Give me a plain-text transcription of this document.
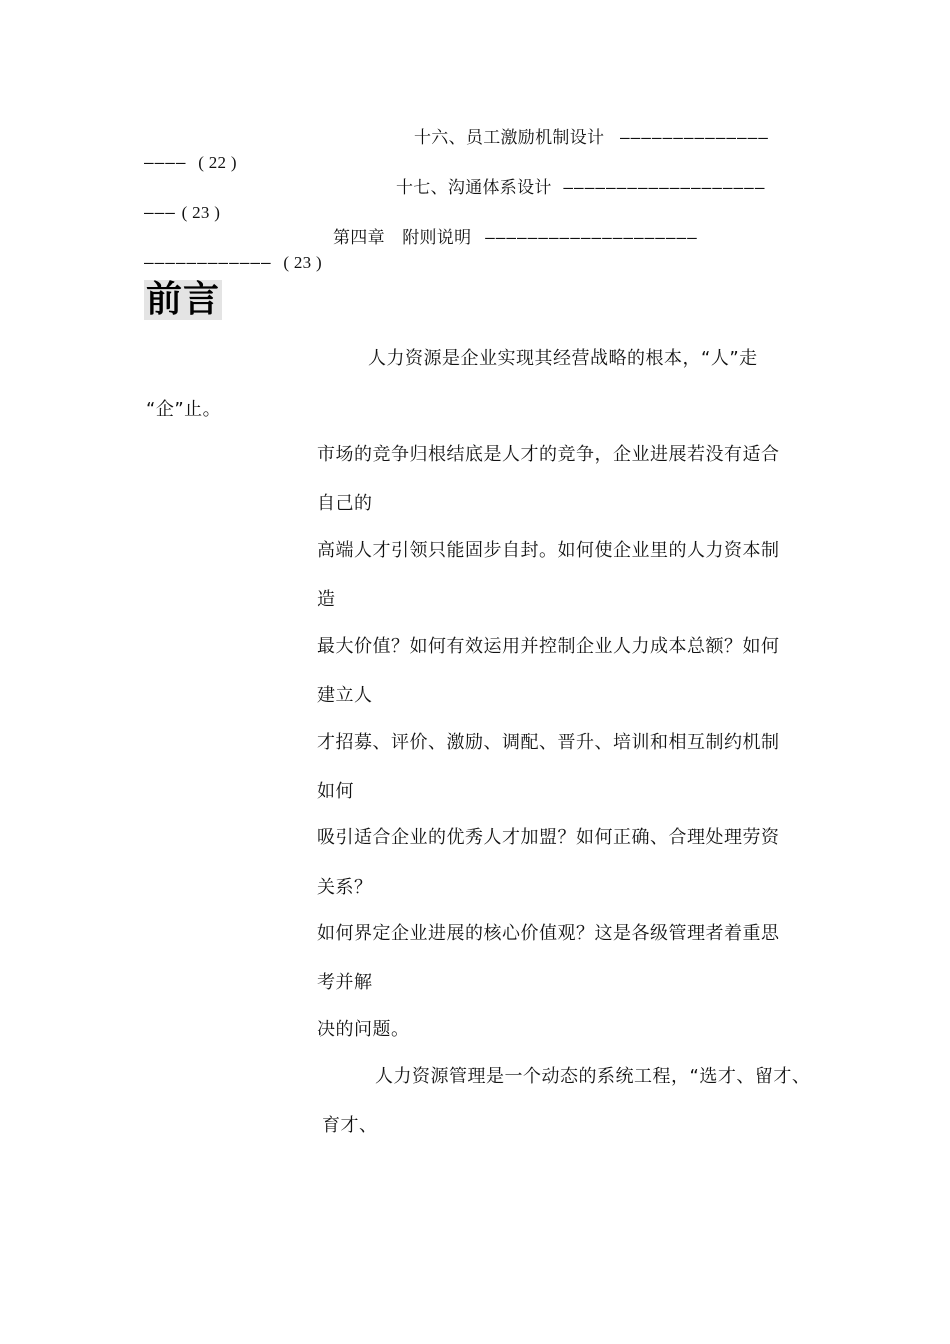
十六、员工激励机制设计 ––––––––––––––
–––– ( 22 )
十七、沟通体系设计 –––––––––––––––––––
––– ( 23 )
第四章　附则说明 ––––––––––––––––––––
–––––––––––– ( 23 )
前言
人力资源是企业实现其经营战略的根本，“人”走
“企”止。
市场的竞争归根结底是人才的竞争，企业进展若没有适合
自己的
高端人才引领只能固步自封。如何使企业里的人力资本制
造
最大价值？如何有效运用并控制企业人力成本总额？如何
建立人
才招募、评价、激励、调配、晋升、培训和相互制约机制
如何
吸引适合企业的优秀人才加盟？如何正确、合理处理劳资
关系？
如何界定企业进展的核心价值观？这是各级管理者着重思
考并解
决的问题。
人力资源管理是一个动态的系统工程，“选才、留才、
育才、
